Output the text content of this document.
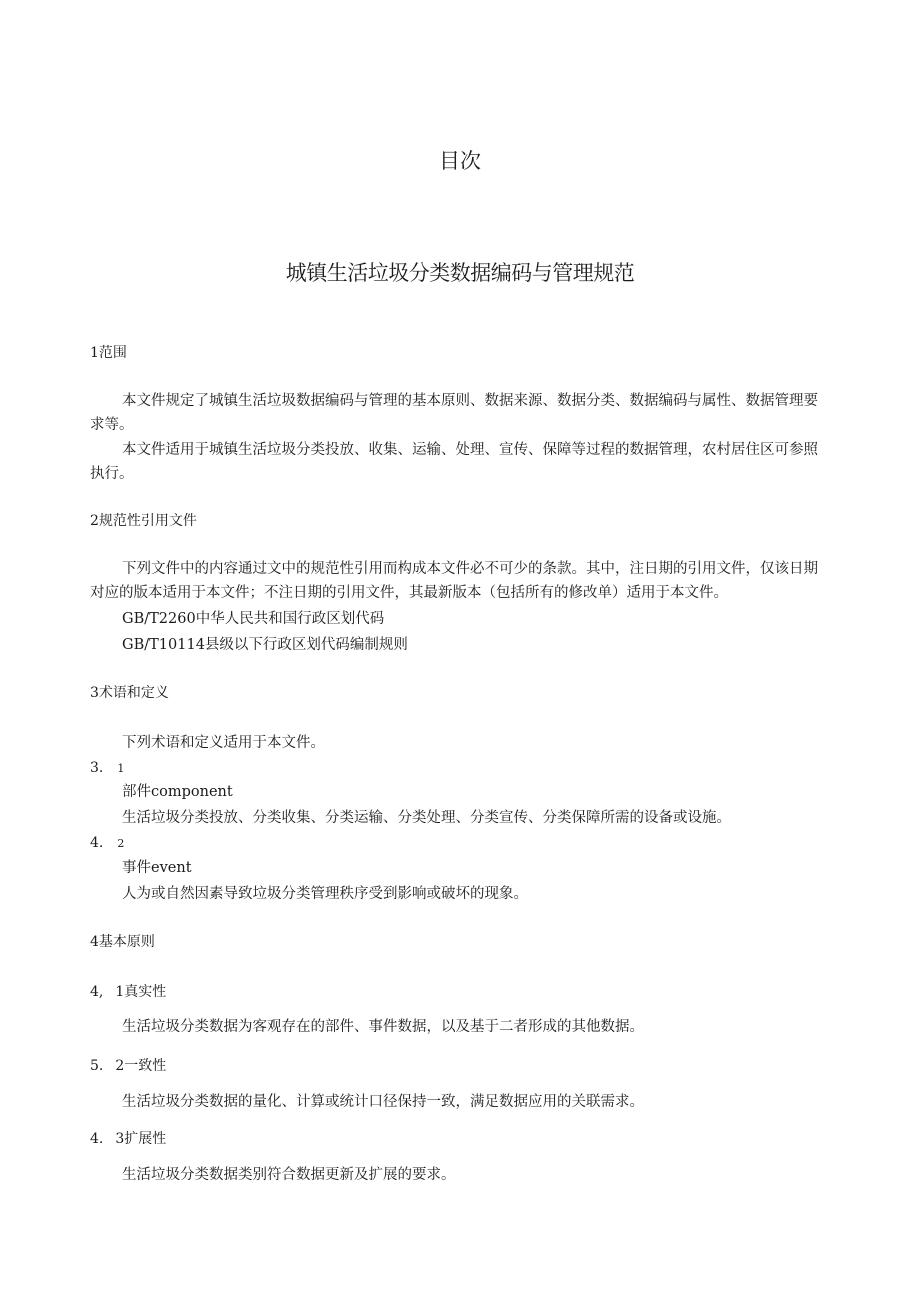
目次
城镇生活垃圾分类数据编码与管理规范
1范围

本文件规定了城镇生活垃圾数据编码与管理的基本原则、数据来源、数据分类、数据编码与属性、数据管理要求等。

本文件适用于城镇生活垃圾分类投放、收集、运输、处理、宣传、保障等过程的数据管理，农村居住区可参照执行。

2规范性引用文件

下列文件中的内容通过文中的规范性引用而构成本文件必不可少的条款。其中，注日期的引用文件，仅该日期对应的版本适用于本文件；不注日期的引用文件，其最新版本（包括所有的修改单）适用于本文件。

GB/T2260中华人民共和国行政区划代码
GB/T10114县级以下行政区划代码编制规则
3术语和定义
下列术语和定义适用于本文件。
3. 1
部件component
生活垃圾分类投放、分类收集、分类运输、分类处理、分类宣传、分类保障所需的设备或设施。
4. 2
事件event
人为或自然因素导致垃圾分类管理秩序受到影响或破坏的现象。
4基本原则
4, 1真实性
生活垃圾分类数据为客观存在的部件、事件数据，以及基于二者形成的其他数据。
5. 2一致性
生活垃圾分类数据的量化、计算或统计口径保持一致，满足数据应用的关联需求。
4. 3扩展性
生活垃圾分类数据类别符合数据更新及扩展的要求。
